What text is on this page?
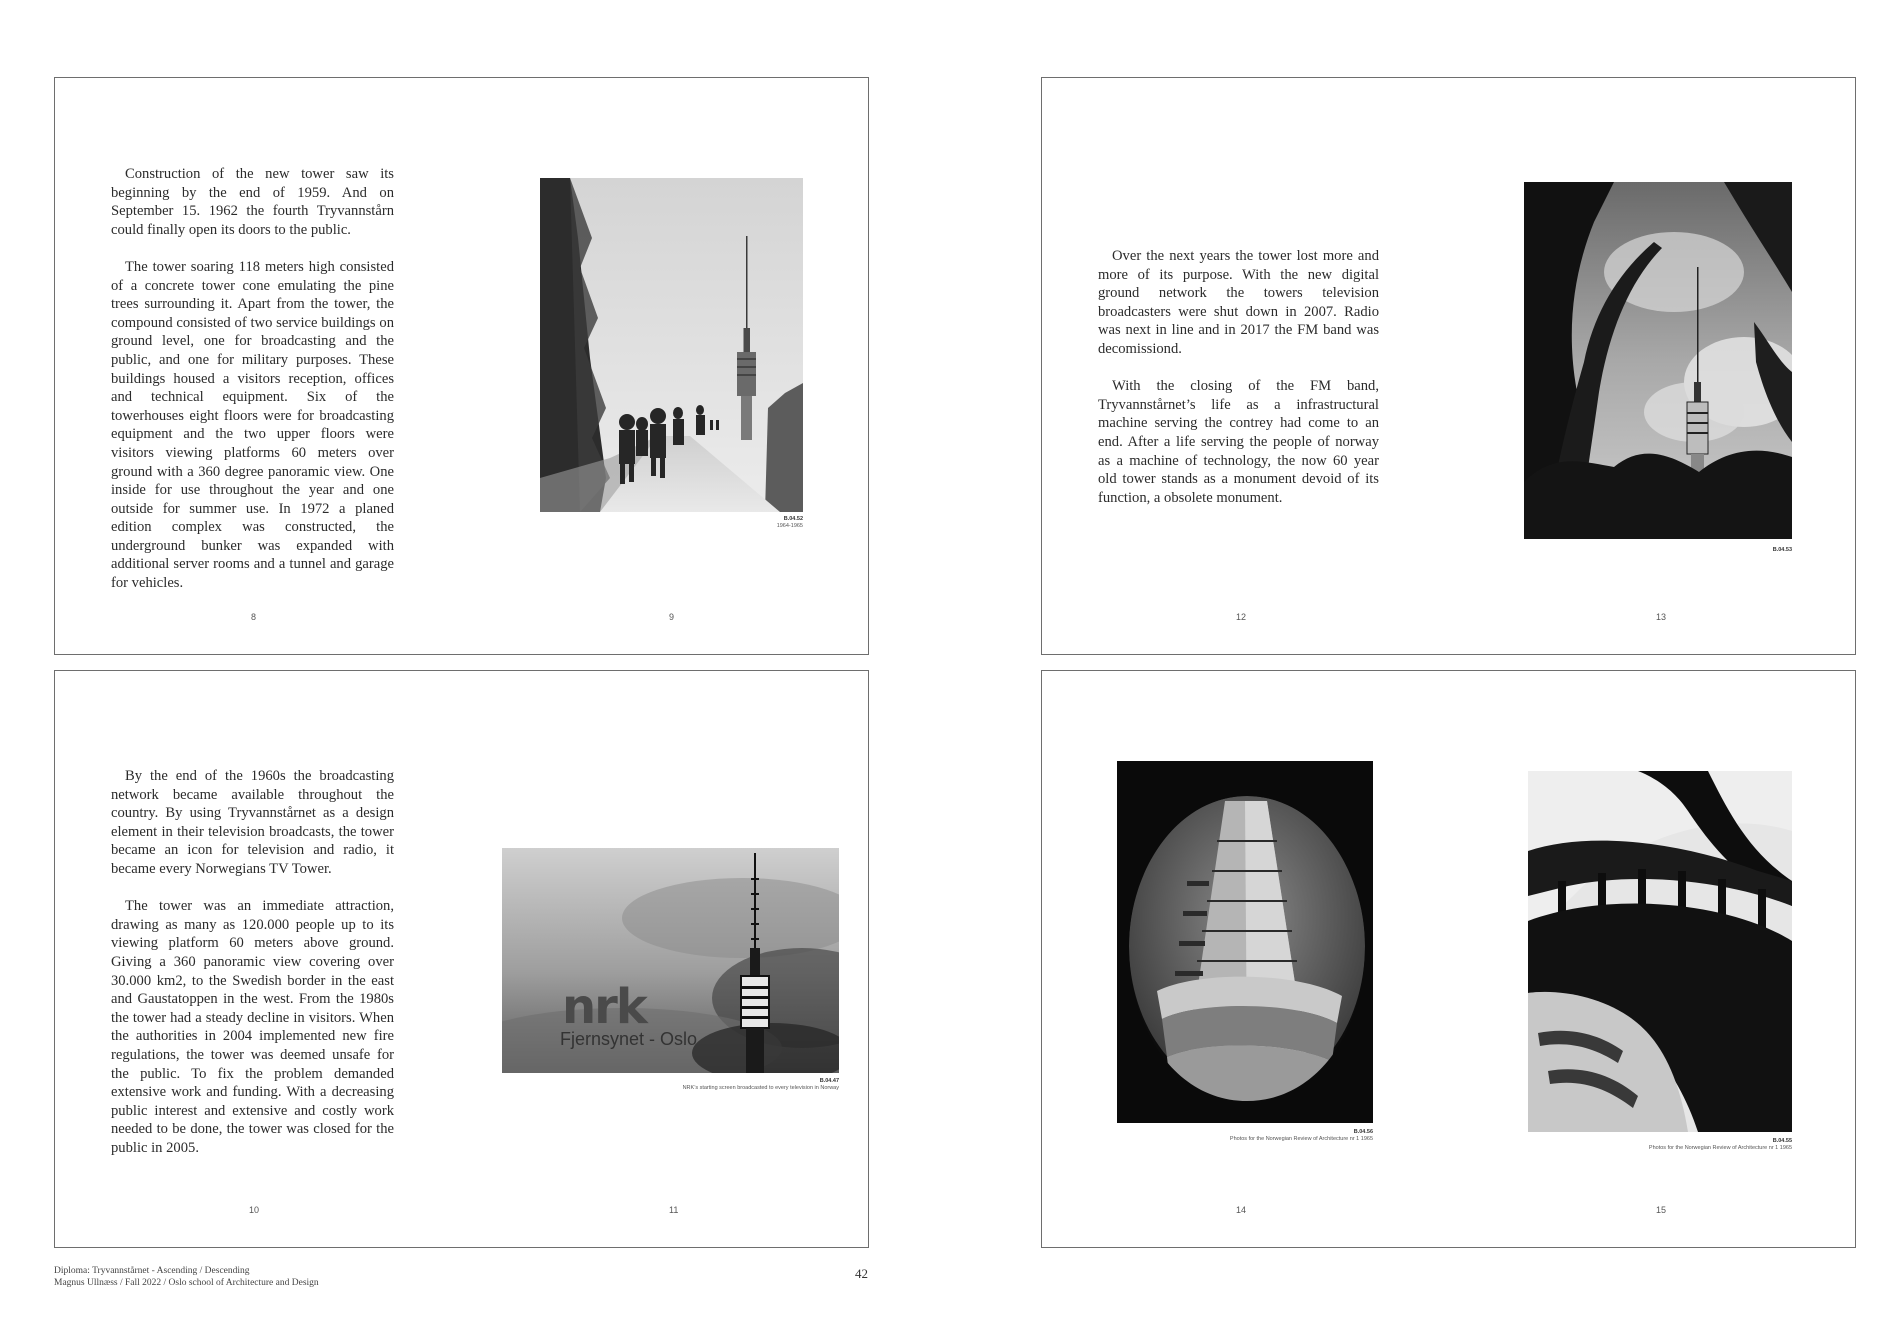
Construction of the new tower saw its beginning by the end of 1959. And on September 15. 1962 the fourth Tryvannstårn could finally open its doors to the public.

The tower soaring 118 meters high consisted of a concrete tower cone emulating the pine trees surrounding it. Apart from the tower, the compound consisted of two service buildings on ground level, one for broadcasting and the public, and one for military purposes. These buildings housed a visitors reception, offices and technical equipment. Six of the towerhouses eight floors were for broadcasting equipment and the two upper floors were visitors viewing platforms 60 meters over ground with a 360 degree panoramic view. One inside for use throughout the year and one outside for summer use. In 1972 a planed edition complex was constructed, the underground bunker was expanded with additional server rooms and a tunnel and garage for vehicles.

B.04.52
1964-1965
8	9

Over the next years the tower lost more and more of its purpose. With the new digital ground network the towers television broadcasters were shut down in 2007. Radio was next in line and in 2017 the FM band was decomissiond.

With the closing of the FM band, Tryvannstårnet’s life as a infrastructural machine serving the contrey had come to an end. After a life serving the people of norway as a machine of technology, the now 60 year old tower stands as a monument devoid of its function, a obsolete monument.

B.04.53
12	13

By the end of the 1960s the broadcasting network became available throughout the country. By using Tryvannstårnet as a design element in their television broadcasts, the tower became an icon for television and radio, it became every Norwegians TV Tower.

The tower was an immediate attraction, drawing as many as 120.000 people up to its viewing platform 60 meters above ground. Giving a 360 panoramic view covering over 30.000 km2, to the Swedish border in the east and Gaustatoppen in the west. From the 1980s the tower had a steady decline in visitors. When the authorities in 2004 implemented new fire regulations, the tower was deemed unsafe for the public. To fix the problem demanded extensive work and funding. With a decreasing public interest and extensive and costly work needed to be done, the tower was closed for the public in 2005.

nrk
Fjernsynet - Oslo
B.04.47
NRK’s starting screen broadcasted to every television in Norway
10	11
B.04.56
Photos for the Norwegian Review of Architecture nr 1 1965	B.04.55
Photos for the Norwegian Review of Architecture nr 1 1965
14	15
Diploma: Tryvannstårnet - Ascending / Descending
Magnus Ullnæss / Fall 2022 / Oslo school of Architecture and Design
42
